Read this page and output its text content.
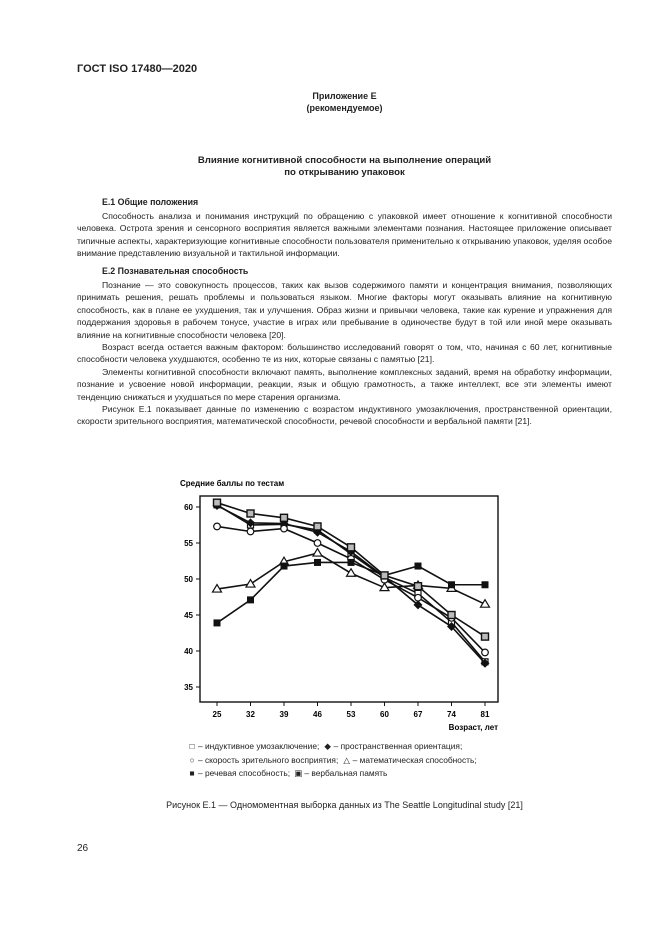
ГОСТ ISO 17480—2020
Приложение Е
(рекомендуемое)
Влияние когнитивной способности на выполнение операций
по открыванию упаковок
Е.1 Общие положения

Способность анализа и понимания инструкций по обращению с упаковкой имеет отношение к когнитивной способности человека. Острота зрения и сенсорного восприятия является важными элементами познания. Настоящее приложение описывает типичные аспекты, характеризующие когнитивные способности пользователя применительно к открыванию упаковок, уделяя особое внимание представлению визуальной и тактильной информации.

Е.2 Познавательная способность

Познание — это совокупность процессов, таких как вызов содержимого памяти и концентрация внимания, позволяющих принимать решения, решать проблемы и пользоваться языком. Многие факторы могут оказывать влияние на когнитивную способность, как в плане ее ухудшения, так и улучшения. Образ жизни и привычки человека, такие как курение и упражнения для поддержания здоровья в рабочем тонусе, участие в играх или пребывание в одиночестве будут в той или иной мере оказывать влияние на когнитивные способности человека [20].

Возраст всегда остается важным фактором: большинство исследований говорят о том, что, начиная с 60 лет, когнитивные способности человека ухудшаются, особенно те из них, которые связаны с памятью [21].

Элементы когнитивной способности включают память, выполнение комплексных заданий, время на обработку информации, познание и усвоение новой информации, реакции, язык и общую грамотность, а также интеллект, все эти элементы имеют тенденцию снижаться и ухудшаться по мере старения организма.

Рисунок Е.1 показывает данные по изменению с возрастом индуктивного умозаключения, пространственной ориентации, скорости зрительного восприятия, математической способности, речевой способности и вербальной памяти [21].

Средние баллы по тестам
35
40
45
50
55
60
25	32	39	46	53	60	67	74	81
Возраст, лет
□ – индуктивное умозаключение; ◆ – пространственная ориентация;
○ – скорость зрительного восприятия; △ – математическая способность;
■ – речевая способность; ▣ – вербальная память
Рисунок Е.1 — Одномоментная выборка данных из The Seattle Longitudinal study [21]
26
